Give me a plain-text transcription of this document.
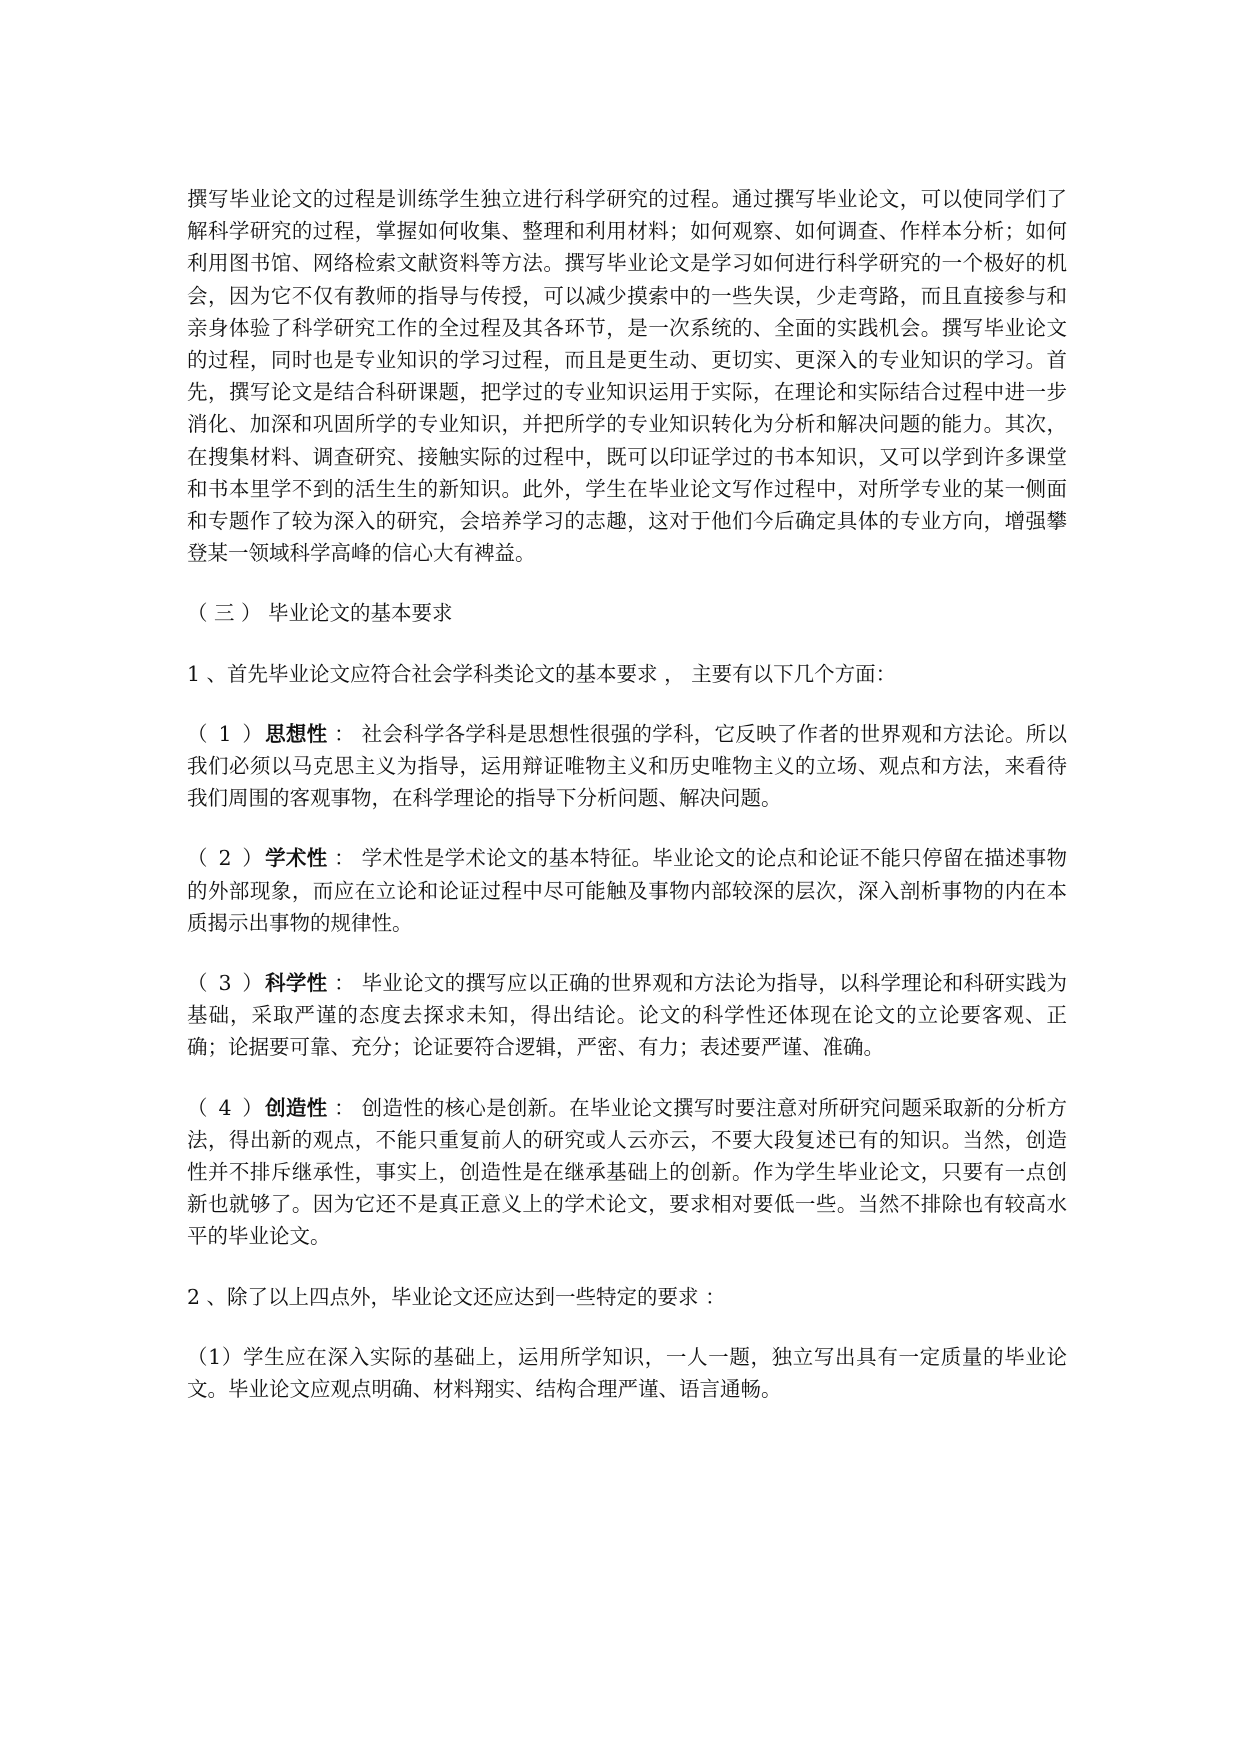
撰写毕业论文的过程是训练学生独立进行科学研究的过程。通过撰写毕业论文，可以使同学们了解科学研究的过程，掌握如何收集、整理和利用材料；如何观察、如何调查、作样本分析；如何利用图书馆、网络检索文献资料等方法。撰写毕业论文是学习如何进行科学研究的一个极好的机会，因为它不仅有教师的指导与传授，可以减少摸索中的一些失误，少走弯路，而且直接参与和亲身体验了科学研究工作的全过程及其各环节，是一次系统的、全面的实践机会。撰写毕业论文的过程，同时也是专业知识的学习过程，而且是更生动、更切实、更深入的专业知识的学习。首先，撰写论文是结合科研课题，把学过的专业知识运用于实际，在理论和实际结合过程中进一步消化、加深和巩固所学的专业知识，并把所学的专业知识转化为分析和解决问题的能力。其次，在搜集材料、调查研究、接触实际的过程中，既可以印证学过的书本知识，又可以学到许多课堂和书本里学不到的活生生的新知识。此外，学生在毕业论文写作过程中，对所学专业的某一侧面和专题作了较为深入的研究，会培养学习的志趣，这对于他们今后确定具体的专业方向，增强攀登某一领域科学高峰的信心大有裨益。

（ 三 ） 毕业论文的基本要求

1 、首先毕业论文应符合社会学科类论文的基本要求 ， 主要有以下几个方面：

（ 1 ）思想性 ： 社会科学各学科是思想性很强的学科，它反映了作者的世界观和方法论。所以我们必须以马克思主义为指导，运用辩证唯物主义和历史唯物主义的立场、观点和方法，来看待我们周围的客观事物，在科学理论的指导下分析问题、解决问题。

（ 2 ）学术性 ： 学术性是学术论文的基本特征。毕业论文的论点和论证不能只停留在描述事物的外部现象，而应在立论和论证过程中尽可能触及事物内部较深的层次，深入剖析事物的内在本质揭示出事物的规律性。

（ 3 ）科学性 ： 毕业论文的撰写应以正确的世界观和方法论为指导，以科学理论和科研实践为基础，采取严谨的态度去探求未知，得出结论。论文的科学性还体现在论文的立论要客观、正确；论据要可靠、充分；论证要符合逻辑，严密、有力；表述要严谨、准确。

（ 4 ）创造性 ： 创造性的核心是创新。在毕业论文撰写时要注意对所研究问题采取新的分析方法，得出新的观点，不能只重复前人的研究或人云亦云，不要大段复述已有的知识。当然，创造性并不排斥继承性，事实上，创造性是在继承基础上的创新。作为学生毕业论文，只要有一点创新也就够了。因为它还不是真正意义上的学术论文，要求相对要低一些。当然不排除也有较高水平的毕业论文。

2 、除了以上四点外，毕业论文还应达到一些特定的要求 ：

（1）学生应在深入实际的基础上，运用所学知识，一人一题，独立写出具有一定质量的毕业论文。毕业论文应观点明确、材料翔实、结构合理严谨、语言通畅。
